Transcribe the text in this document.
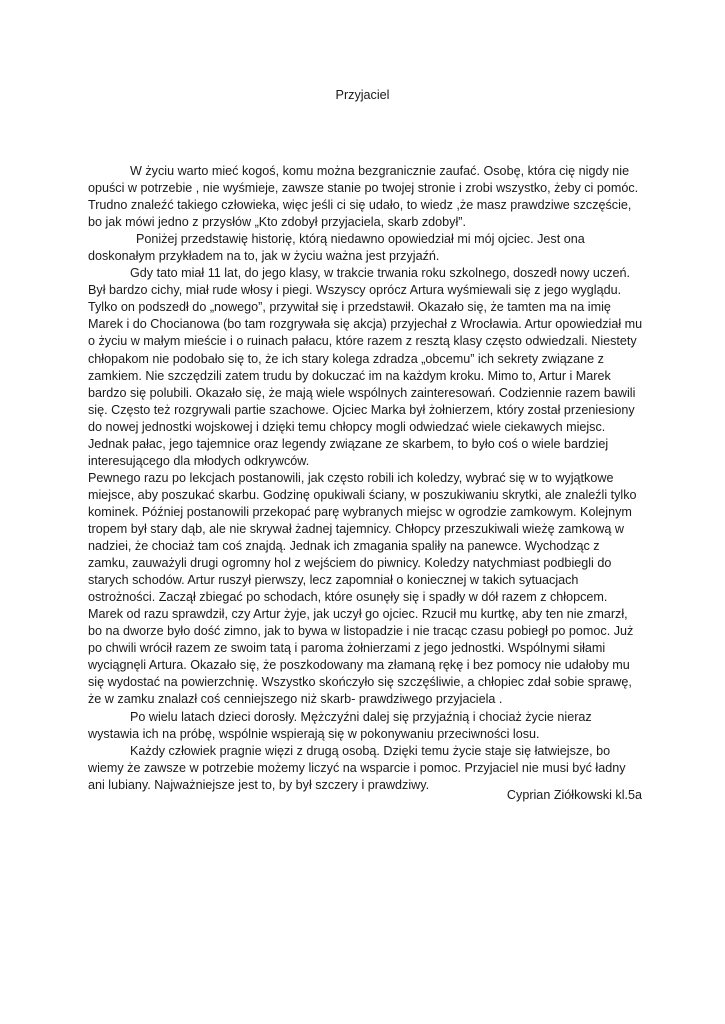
Przyjaciel

W życiu warto mieć kogoś, komu można bezgranicznie zaufać. Osobę, która cię nigdy nie opuści w potrzebie , nie wyśmieje, zawsze stanie po twojej stronie i zrobi wszystko, żeby ci pomóc. Trudno znaleźć takiego człowieka, więc jeśli ci się udało, to wiedz ,że masz prawdziwe szczęście, bo jak mówi jedno z przysłów „Kto zdobył przyjaciela, skarb zdobył”.

Poniżej przedstawię historię, którą niedawno opowiedział mi mój ojciec. Jest ona doskonałym przykładem na to, jak w życiu ważna jest przyjaźń.

Gdy tato miał 11 lat, do jego klasy, w trakcie trwania roku szkolnego, doszedł nowy uczeń. Był bardzo cichy, miał rude włosy i piegi. Wszyscy oprócz Artura wyśmiewali się z jego wyglądu. Tylko on podszedł do „nowego”, przywitał się i przedstawił. Okazało się, że tamten ma na imię Marek i do Chocianowa (bo tam rozgrywała się akcja) przyjechał z Wrocławia. Artur opowiedział mu o życiu w małym mieście i o ruinach pałacu, które razem z resztą klasy często odwiedzali. Niestety chłopakom nie podobało się to, że ich stary kolega zdradza „obcemu” ich sekrety związane z zamkiem. Nie szczędzili zatem trudu by dokuczać im na każdym kroku. Mimo to, Artur i Marek bardzo się polubili. Okazało się, że mają wiele wspólnych zainteresowań. Codziennie razem bawili się. Często też rozgrywali partie szachowe. Ojciec Marka był żołnierzem, który został przeniesiony do nowej jednostki wojskowej i dzięki temu chłopcy mogli odwiedzać wiele ciekawych miejsc. Jednak pałac, jego tajemnice oraz legendy związane ze skarbem, to było coś o wiele bardziej interesującego dla młodych odkrywców.

Pewnego razu po lekcjach postanowili, jak często robili ich koledzy, wybrać się w to wyjątkowe miejsce, aby poszukać skarbu. Godzinę opukiwali ściany, w poszukiwaniu skrytki, ale znaleźli tylko kominek. Później postanowili przekopać parę wybranych miejsc w ogrodzie zamkowym. Kolejnym tropem był stary dąb, ale nie skrywał żadnej tajemnicy. Chłopcy przeszukiwali wieżę zamkową w nadziei, że chociaż tam coś znajdą. Jednak ich zmagania spaliły na panewce. Wychodząc z zamku, zauważyli drugi ogromny hol z wejściem do piwnicy. Koledzy natychmiast podbiegli do starych schodów. Artur ruszył pierwszy, lecz zapomniał o koniecznej w takich sytuacjach ostrożności. Zaczął zbiegać po schodach, które osunęły się i spadły w dół razem z chłopcem. Marek od razu sprawdził, czy Artur żyje, jak uczył go ojciec. Rzucił mu kurtkę, aby ten nie zmarzł, bo na dworze było dość zimno, jak to bywa w listopadzie i nie tracąc czasu pobiegł po pomoc. Już po chwili wrócił razem ze swoim tatą i paroma żołnierzami z jego jednostki. Wspólnymi siłami wyciągnęli Artura. Okazało się, że poszkodowany ma złamaną rękę i bez pomocy nie udałoby mu się wydostać na powierzchnię. Wszystko skończyło się szczęśliwie, a chłopiec zdał sobie sprawę, że w zamku znalazł coś cenniejszego niż skarb- prawdziwego przyjaciela .

Po wielu latach dzieci dorosły. Mężczyźni dalej się przyjaźnią i chociaż życie nieraz wystawia ich na próbę, wspólnie wspierają się w pokonywaniu przeciwności losu.

Każdy człowiek pragnie więzi z drugą osobą. Dzięki temu życie staje się łatwiejsze, bo wiemy że zawsze w potrzebie możemy liczyć na wsparcie i pomoc. Przyjaciel nie musi być ładny ani lubiany. Najważniejsze jest to, by był szczery i prawdziwy.

Cyprian Ziółkowski kl.5a
